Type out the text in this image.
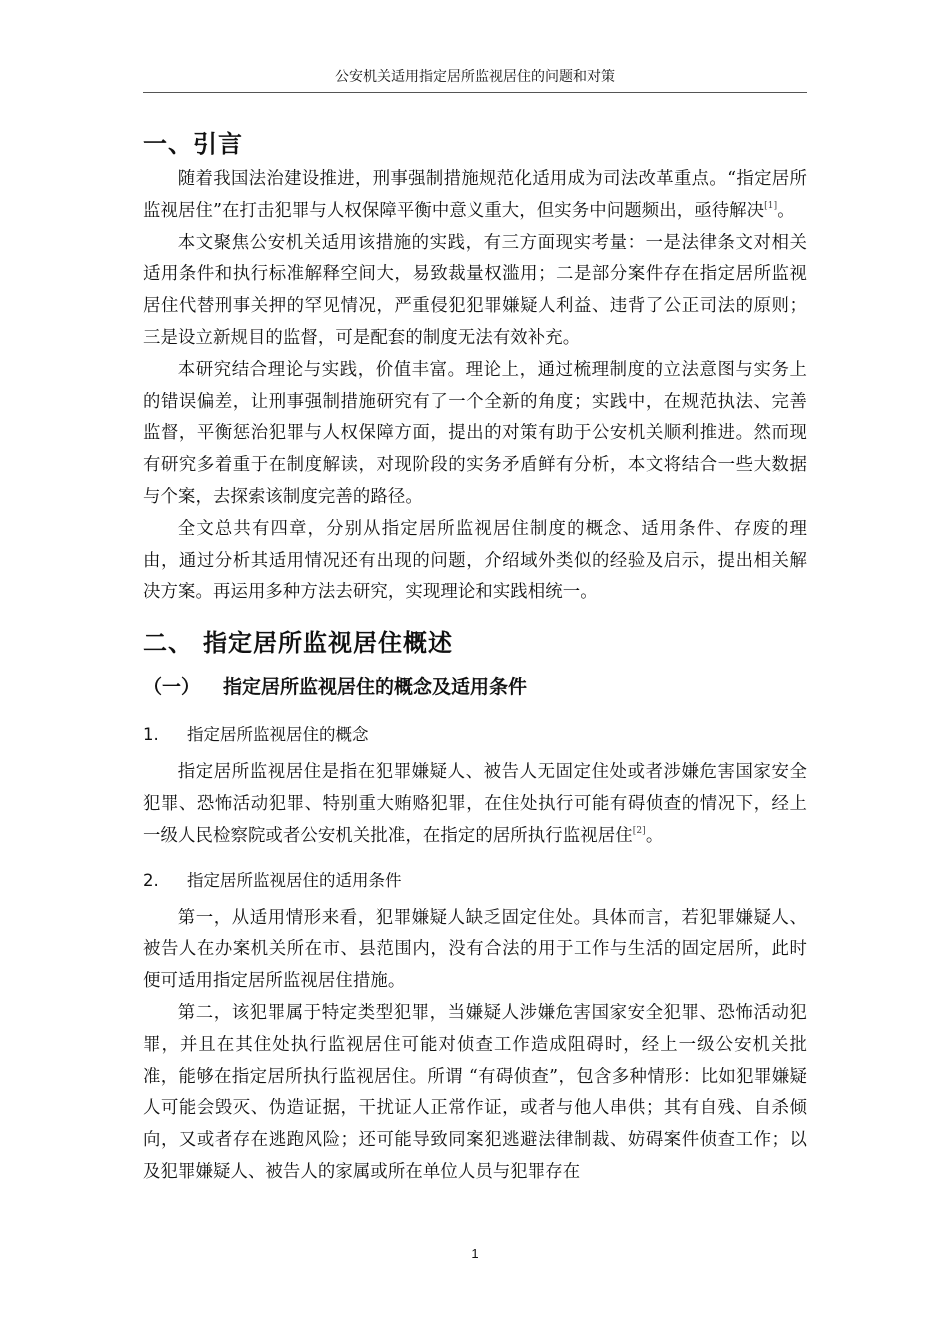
公安机关适用指定居所监视居住的问题和对策
一、引言

随着我国法治建设推进，刑事强制措施规范化适用成为司法改革重点。“指定居所监视居住”在打击犯罪与人权保障平衡中意义重大，但实务中问题频出，亟待解决[1]。

本文聚焦公安机关适用该措施的实践，有三方面现实考量：一是法律条文对相关适用条件和执行标准解释空间大，易致裁量权滥用；二是部分案件存在指定居所监视居住代替刑事关押的罕见情况，严重侵犯犯罪嫌疑人利益、违背了公正司法的原则；三是设立新规目的监督，可是配套的制度无法有效补充。

本研究结合理论与实践，价值丰富。理论上，通过梳理制度的立法意图与实务上的错误偏差，让刑事强制措施研究有了一个全新的角度；实践中，在规范执法、完善监督，平衡惩治犯罪与人权保障方面，提出的对策有助于公安机关顺利推进。然而现有研究多着重于在制度解读，对现阶段的实务矛盾鲜有分析，本文将结合一些大数据与个案，去探索该制度完善的路径。

全文总共有四章，分别从指定居所监视居住制度的概念、适用条件、存废的理由，通过分析其适用情况还有出现的问题，介绍域外类似的经验及启示，提出相关解决方案。再运用多种方法去研究，实现理论和实践相统一。

二、 指定居所监视居住概述
（一） 指定居所监视居住的概念及适用条件
1. 指定居所监视居住的概念

指定居所监视居住是指在犯罪嫌疑人、被告人无固定住处或者涉嫌危害国家安全犯罪、恐怖活动犯罪、特别重大贿赂犯罪，在住处执行可能有碍侦查的情况下，经上一级人民检察院或者公安机关批准，在指定的居所执行监视居住[2]。

2. 指定居所监视居住的适用条件

第一，从适用情形来看，犯罪嫌疑人缺乏固定住处。具体而言，若犯罪嫌疑人、被告人在办案机关所在市、县范围内，没有合法的用于工作与生活的固定居所，此时便可适用指定居所监视居住措施。

第二，该犯罪属于特定类型犯罪，当嫌疑人涉嫌危害国家安全犯罪、恐怖活动犯罪，并且在其住处执行监视居住可能对侦查工作造成阻碍时，经上一级公安机关批准，能够在指定居所执行监视居住。所谓 “有碍侦查”，包含多种情形：比如犯罪嫌疑人可能会毁灭、伪造证据，干扰证人正常作证，或者与他人串供；其有自残、自杀倾向，又或者存在逃跑风险；还可能导致同案犯逃避法律制裁、妨碍案件侦查工作；以及犯罪嫌疑人、被告人的家属或所在单位人员与犯罪存在

1
